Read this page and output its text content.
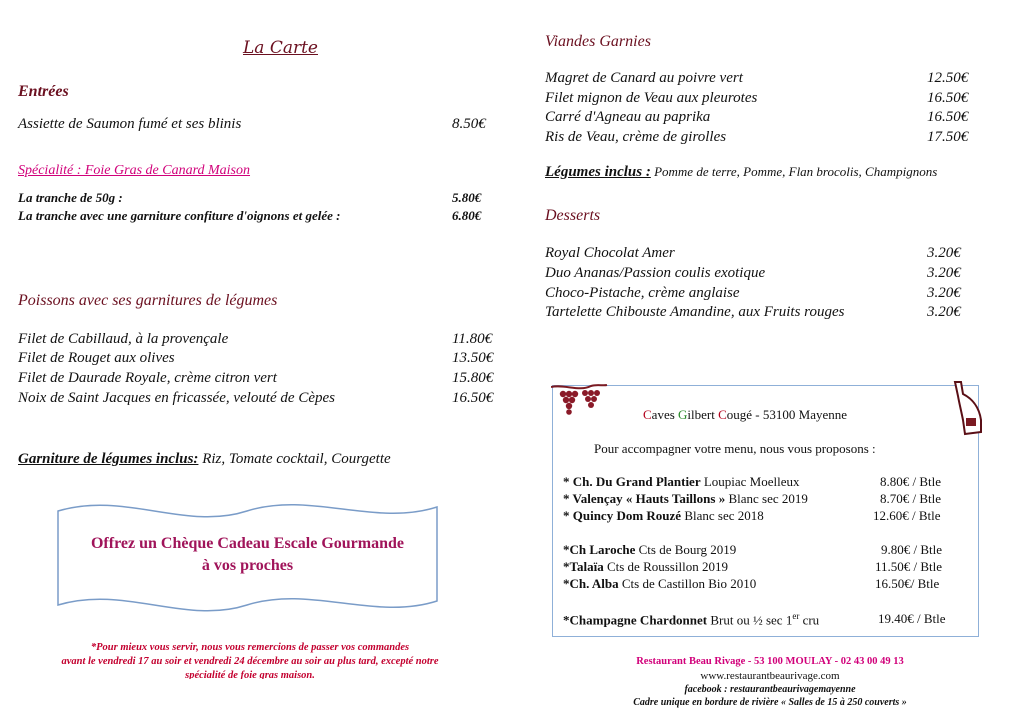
La Carte
Entrées
Assiette de Saumon fumé et ses blinis	8.50€
Spécialité : Foie Gras de Canard Maison
La tranche de 50g :	5.80€
La tranche avec une garniture confiture d'oignons et gelée :	6.80€
Poissons avec ses garnitures de légumes
Filet de Cabillaud, à la provençale	11.80€
Filet de Rouget aux olives	13.50€
Filet de Daurade Royale, crème citron vert	15.80€
Noix de Saint Jacques en fricassée, velouté de Cèpes	16.50€
Garniture de légumes inclus: Riz, Tomate cocktail, Courgette
Offrez un Chèque Cadeau Escale Gourmande
à vos proches
*Pour mieux vous servir, nous vous remercions de passer vos commandes
avant le vendredi 17 au soir et vendredi 24 décembre au soir au plus tard, excepté notre
spécialité de foie gras maison.
Viandes Garnies
Magret de Canard au poivre vert	12.50€
Filet mignon de Veau aux pleurotes	16.50€
Carré d'Agneau au paprika	16.50€
Ris de Veau, crème de girolles	17.50€
Légumes inclus : Pomme de terre, Pomme, Flan brocolis, Champignons
Desserts
Royal Chocolat Amer	3.20€
Duo Ananas/Passion coulis exotique	3.20€
Choco-Pistache, crème anglaise	3.20€
Tartelette Chibouste Amandine, aux Fruits rouges	3.20€
Caves Gilbert Cougé - 53100 Mayenne
Pour accompagner votre menu, nous vous proposons :
* Ch. Du Grand Plantier Loupiac Moelleux	8.80€ / Btle
* Valençay « Hauts Taillons » Blanc sec 2019	8.70€ / Btle
* Quincy Dom Rouzé Blanc sec 2018	12.60€ / Btle
*Ch Laroche Cts de Bourg 2019	9.80€ / Btle
*Talaïa Cts de Roussillon 2019	11.50€ / Btle
*Ch. Alba Cts de Castillon Bio 2010	16.50€/ Btle
*Champagne Chardonnet Brut ou ½ sec 1er cru	19.40€ / Btle
Restaurant Beau Rivage - 53 100 MOULAY - 02 43 00 49 13
www.restaurantbeaurivage.com
facebook : restaurantbeaurivagemayenne
Cadre unique en bordure de rivière « Salles de 15 à 250 couverts »
